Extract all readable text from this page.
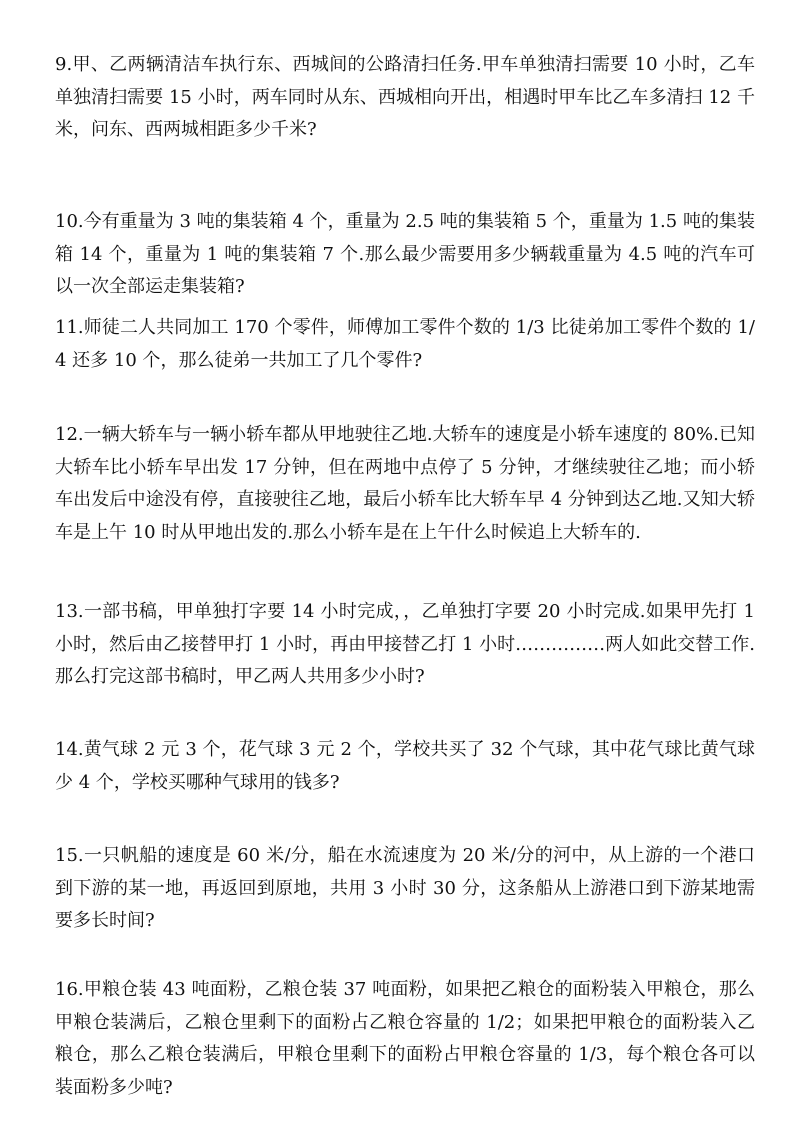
9.甲、乙两辆清洁车执行东、西城间的公路清扫任务.甲车单独清扫需要 10 小时，乙车单独清扫需要 15 小时，两车同时从东、西城相向开出，相遇时甲车比乙车多清扫 12 千米，问东、西两城相距多少千米?

10.今有重量为 3 吨的集装箱 4 个，重量为 2.5 吨的集装箱 5 个，重量为 1.5 吨的集装箱 14 个，重量为 1 吨的集装箱 7 个.那么最少需要用多少辆载重量为 4.5 吨的汽车可以一次全部运走集装箱?

11.师徒二人共同加工 170 个零件，师傅加工零件个数的 1/3 比徒弟加工零件个数的 1/4 还多 10 个，那么徒弟一共加工了几个零件?

12.一辆大轿车与一辆小轿车都从甲地驶往乙地.大轿车的速度是小轿车速度的 80%.已知大轿车比小轿车早出发 17 分钟，但在两地中点停了 5 分钟，才继续驶往乙地；而小轿车出发后中途没有停，直接驶往乙地，最后小轿车比大轿车早 4 分钟到达乙地.又知大轿车是上午 10 时从甲地出发的.那么小轿车是在上午什么时候追上大轿车的.

13.一部书稿，甲单独打字要 14 小时完成，，乙单独打字要 20 小时完成.如果甲先打 1 小时，然后由乙接替甲打 1 小时，再由甲接替乙打 1 小时……………两人如此交替工作.那么打完这部书稿时，甲乙两人共用多少小时?

14.黄气球 2 元 3 个，花气球 3 元 2 个，学校共买了 32 个气球，其中花气球比黄气球少 4 个，学校买哪种气球用的钱多?

15.一只帆船的速度是 60 米/分，船在水流速度为 20 米/分的河中，从上游的一个港口到下游的某一地，再返回到原地，共用 3 小时 30 分，这条船从上游港口到下游某地需要多长时间?

16.甲粮仓装 43 吨面粉，乙粮仓装 37 吨面粉，如果把乙粮仓的面粉装入甲粮仓，那么甲粮仓装满后，乙粮仓里剩下的面粉占乙粮仓容量的 1/2；如果把甲粮仓的面粉装入乙粮仓，那么乙粮仓装满后，甲粮仓里剩下的面粉占甲粮仓容量的 1/3，每个粮仓各可以装面粉多少吨?
